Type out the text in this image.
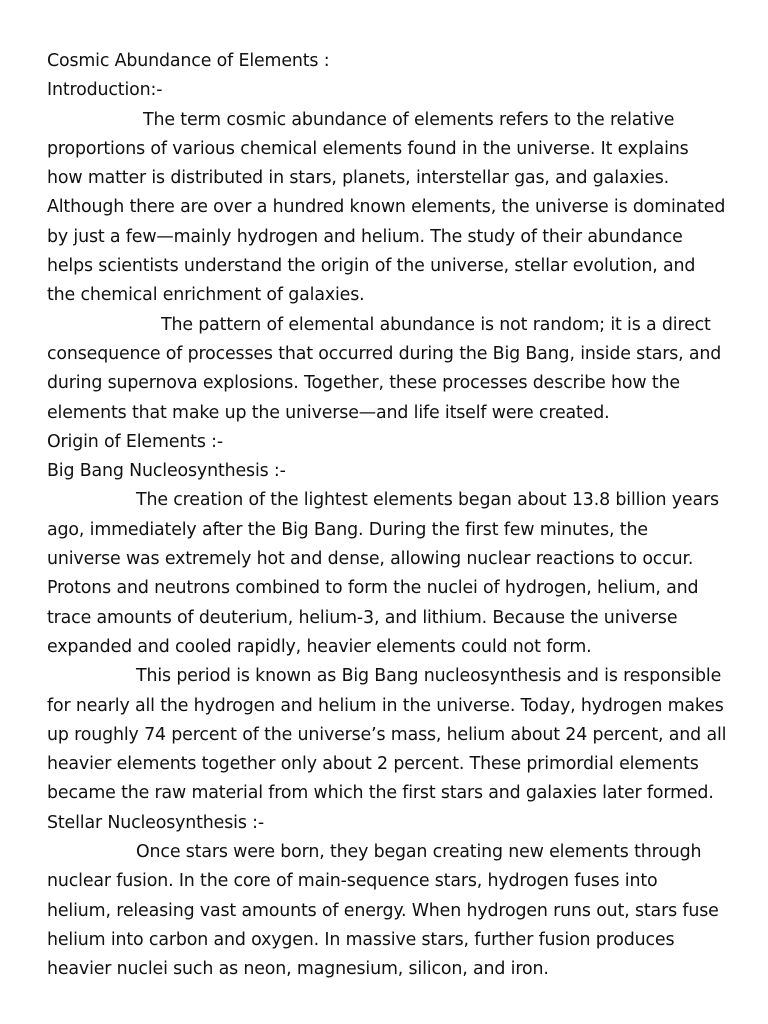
Cosmic Abundance of Elements :
Introduction:-
The term cosmic abundance of elements refers to the relative
proportions of various chemical elements found in the universe. It explains
how matter is distributed in stars, planets, interstellar gas, and galaxies.
Although there are over a hundred known elements, the universe is dominated
by just a few—mainly hydrogen and helium. The study of their abundance
helps scientists understand the origin of the universe, stellar evolution, and
the chemical enrichment of galaxies.
The pattern of elemental abundance is not random; it is a direct
consequence of processes that occurred during the Big Bang, inside stars, and
during supernova explosions. Together, these processes describe how the
elements that make up the universe—and life itself were created.
Origin of Elements :-
Big Bang Nucleosynthesis :-
The creation of the lightest elements began about 13.8 billion years
ago, immediately after the Big Bang. During the first few minutes, the
universe was extremely hot and dense, allowing nuclear reactions to occur.
Protons and neutrons combined to form the nuclei of hydrogen, helium, and
trace amounts of deuterium, helium-3, and lithium. Because the universe
expanded and cooled rapidly, heavier elements could not form.
This period is known as Big Bang nucleosynthesis and is responsible
for nearly all the hydrogen and helium in the universe. Today, hydrogen makes
up roughly 74 percent of the universe’s mass, helium about 24 percent, and all
heavier elements together only about 2 percent. These primordial elements
became the raw material from which the first stars and galaxies later formed.
Stellar Nucleosynthesis :-
Once stars were born, they began creating new elements through
nuclear fusion. In the core of main-sequence stars, hydrogen fuses into
helium, releasing vast amounts of energy. When hydrogen runs out, stars fuse
helium into carbon and oxygen. In massive stars, further fusion produces
heavier nuclei such as neon, magnesium, silicon, and iron.
